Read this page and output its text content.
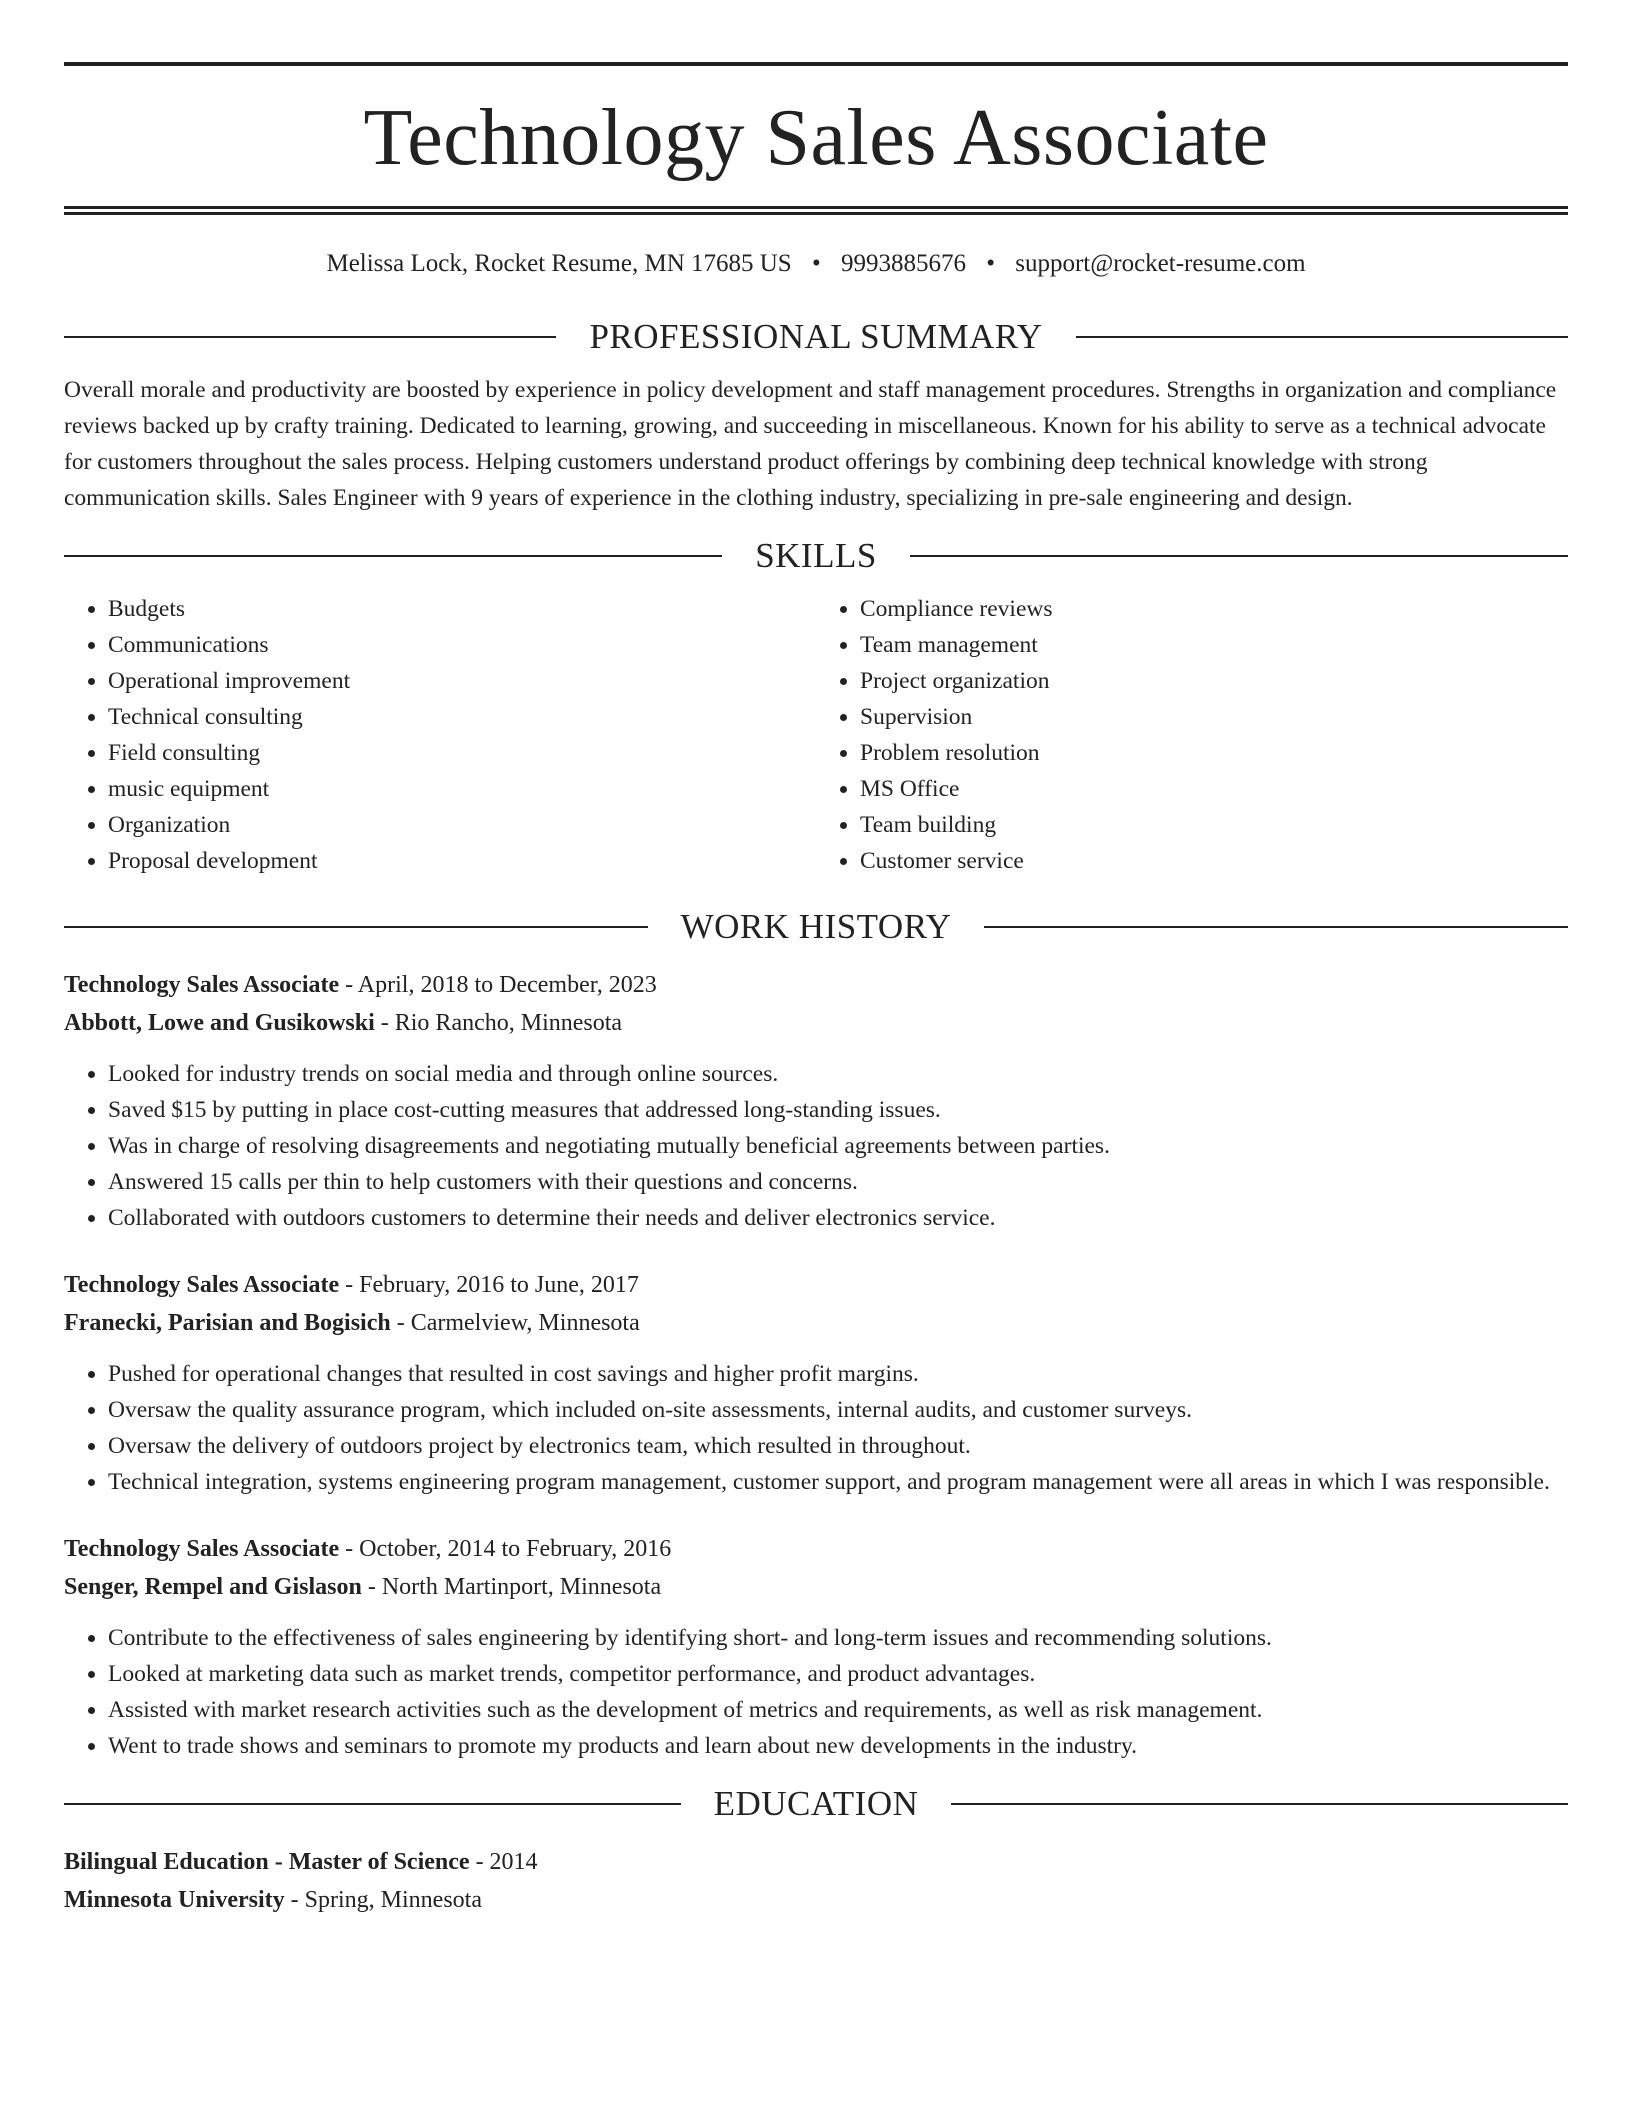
Technology Sales Associate
Melissa Lock, Rocket Resume, MN 17685 US • 9993885676 • support@rocket-resume.com
PROFESSIONAL SUMMARY

Overall morale and productivity are boosted by experience in policy development and staff management procedures. Strengths in organization and compliance reviews backed up by crafty training. Dedicated to learning, growing, and succeeding in miscellaneous. Known for his ability to serve as a technical advocate for customers throughout the sales process. Helping customers understand product offerings by combining deep technical knowledge with strong communication skills. Sales Engineer with 9 years of experience in the clothing industry, specializing in pre-sale engineering and design.

SKILLS
• Budgets
• Communications
• Operational improvement
• Technical consulting
• Field consulting
• music equipment
• Organization
• Proposal development
• Compliance reviews
• Team management
• Project organization
• Supervision
• Problem resolution
• MS Office
• Team building
• Customer service
WORK HISTORY
Technology Sales Associate - April, 2018 to December, 2023
Abbott, Lowe and Gusikowski - Rio Rancho, Minnesota
• Looked for industry trends on social media and through online sources.
• Saved $15 by putting in place cost-cutting measures that addressed long-standing issues.
• Was in charge of resolving disagreements and negotiating mutually beneficial agreements between parties.
• Answered 15 calls per thin to help customers with their questions and concerns.
• Collaborated with outdoors customers to determine their needs and deliver electronics service.
Technology Sales Associate - February, 2016 to June, 2017
Franecki, Parisian and Bogisich - Carmelview, Minnesota
• Pushed for operational changes that resulted in cost savings and higher profit margins.
• Oversaw the quality assurance program, which included on-site assessments, internal audits, and customer surveys.
• Oversaw the delivery of outdoors project by electronics team, which resulted in throughout.
• Technical integration, systems engineering program management, customer support, and program management were all areas in which I was responsible.
Technology Sales Associate - October, 2014 to February, 2016
Senger, Rempel and Gislason - North Martinport, Minnesota
• Contribute to the effectiveness of sales engineering by identifying short- and long-term issues and recommending solutions.
• Looked at marketing data such as market trends, competitor performance, and product advantages.
• Assisted with market research activities such as the development of metrics and requirements, as well as risk management.
• Went to trade shows and seminars to promote my products and learn about new developments in the industry.
EDUCATION
Bilingual Education - Master of Science - 2014
Minnesota University - Spring, Minnesota
